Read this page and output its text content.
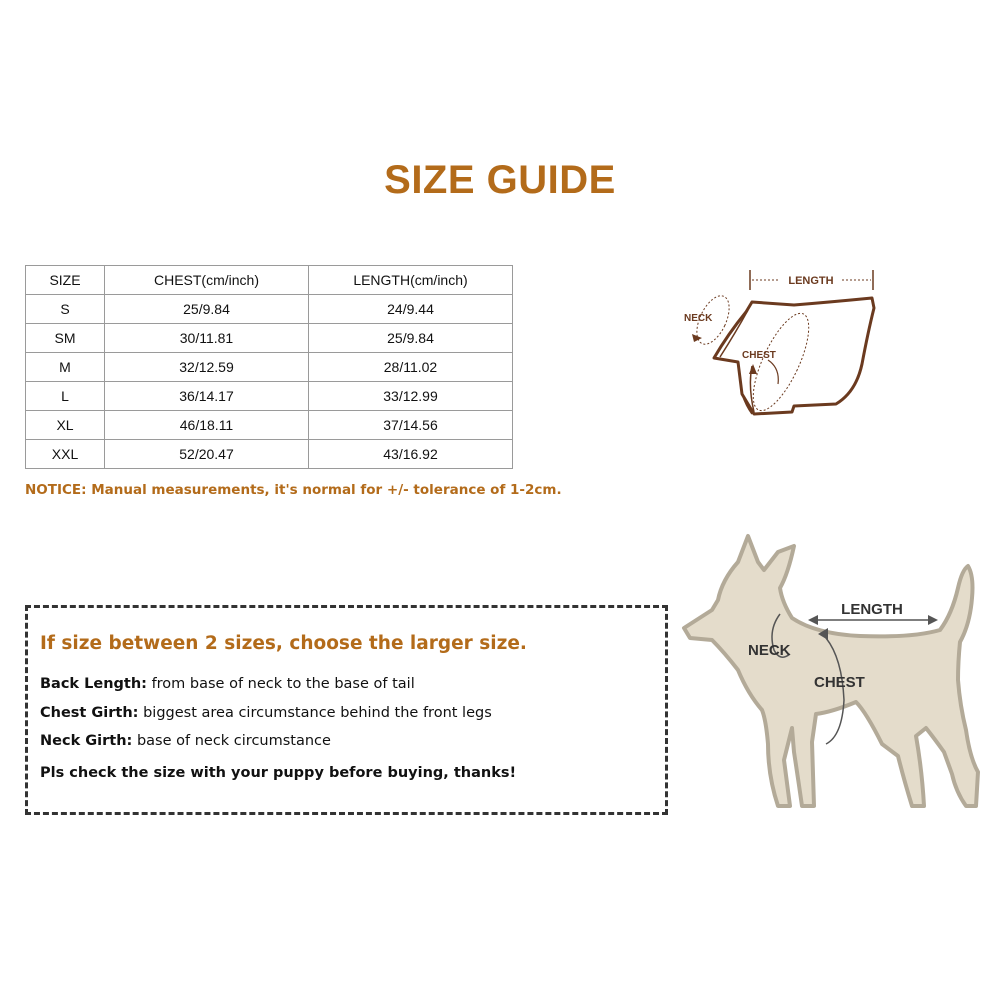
SIZE GUIDE
SIZE	CHEST(cm/inch)	LENGTH(cm/inch)
S	25/9.84	24/9.44
SM	30/11.81	25/9.84
M	32/12.59	28/11.02
L	36/14.17	33/12.99
XL	46/18.11	37/14.56
XXL	52/20.47	43/16.92
NOTICE: Manual measurements, it's normal for +/- tolerance of 1-2cm.
LENGTH
NECK
CHEST
NECK
CHEST
LENGTH
If size between 2 sizes, choose the larger size.
Back Length: from base of neck to the base of tail
Chest Girth: biggest area circumstance behind the front legs
Neck Girth: base of neck circumstance
Pls check the size with your puppy before buying, thanks!
